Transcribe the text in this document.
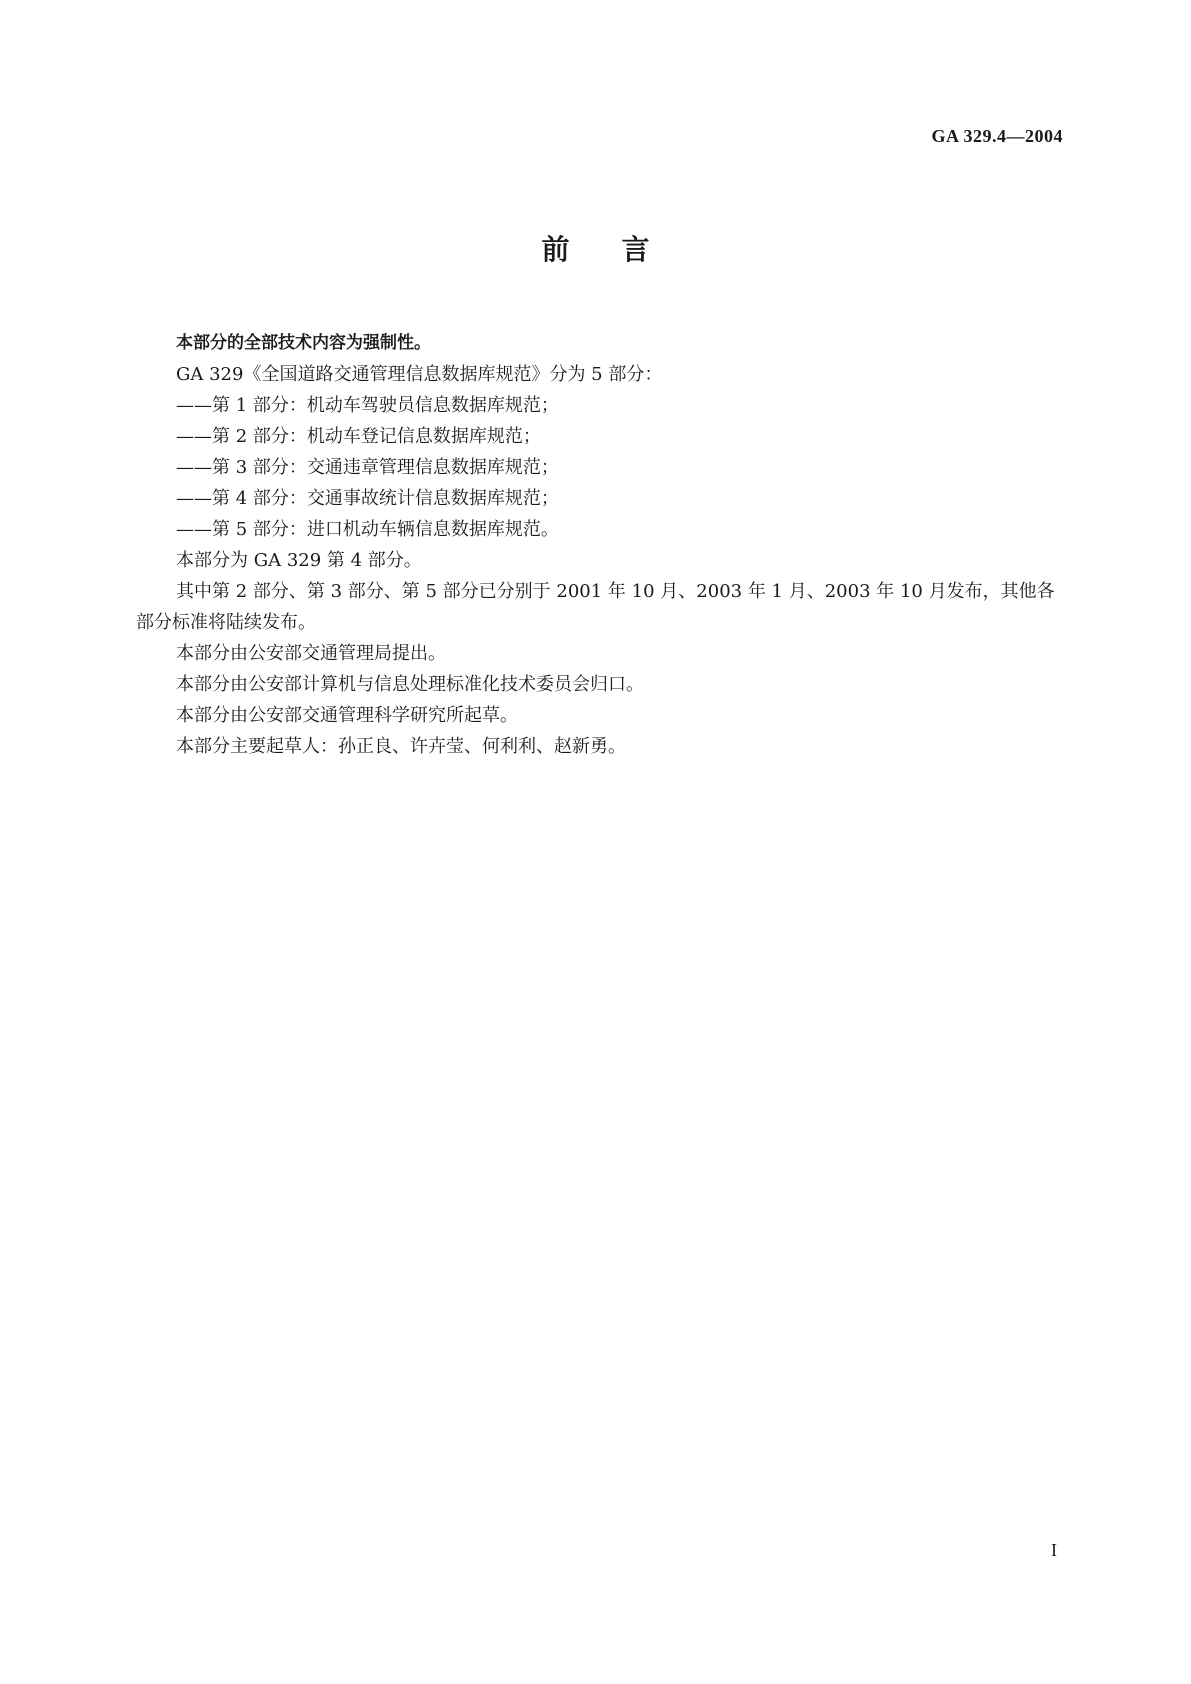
GA 329.4—2004
前言

本部分的全部技术内容为强制性。

GA 329《全国道路交通管理信息数据库规范》分为 5 部分：

——第 1 部分：机动车驾驶员信息数据库规范；

——第 2 部分：机动车登记信息数据库规范；

——第 3 部分：交通违章管理信息数据库规范；

——第 4 部分：交通事故统计信息数据库规范；

——第 5 部分：进口机动车辆信息数据库规范。

本部分为 GA 329 第 4 部分。

其中第 2 部分、第 3 部分、第 5 部分已分别于 2001 年 10 月、2003 年 1 月、2003 年 10 月发布，其他各部分标准将陆续发布。

本部分由公安部交通管理局提出。

本部分由公安部计算机与信息处理标准化技术委员会归口。

本部分由公安部交通管理科学研究所起草。

本部分主要起草人：孙正良、许卉莹、何利利、赵新勇。

I
